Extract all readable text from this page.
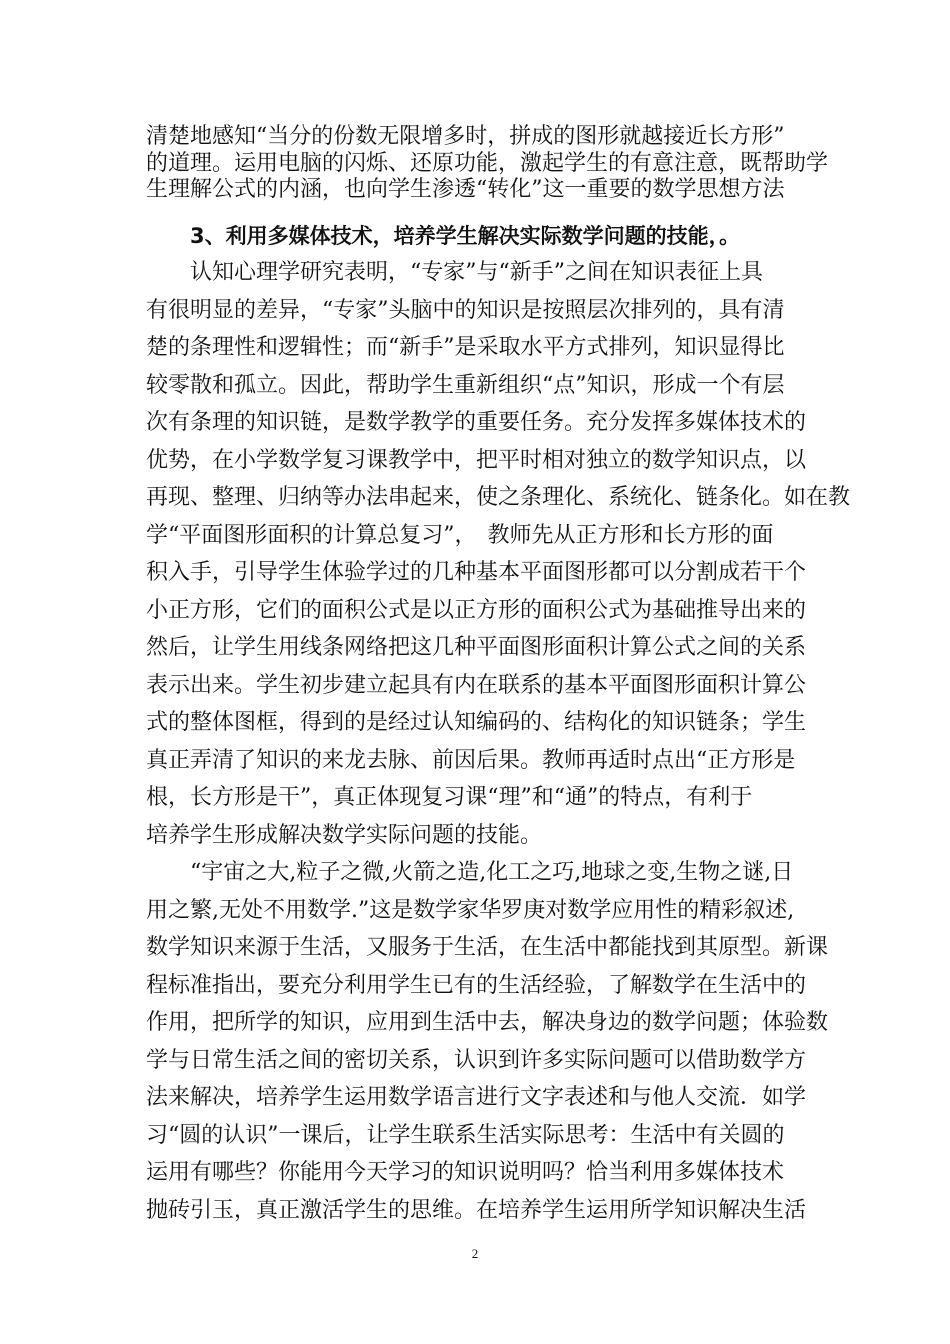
清楚地感知“当分的份数无限增多时，拼成的图形就越接近长方形”
的道理。运用电脑的闪烁、还原功能，激起学生的有意注意，既帮助学
生理解公式的内涵，也向学生渗透“转化”这一重要的数学思想方法
3、利用多媒体技术，培养学生解决实际数学问题的技能，。
认知心理学研究表明，“专家”与“新手”之间在知识表征上具
有很明显的差异，“专家”头脑中的知识是按照层次排列的，具有清
楚的条理性和逻辑性；而“新手”是采取水平方式排列，知识显得比
较零散和孤立。因此，帮助学生重新组织“点”知识，形成一个有层
次有条理的知识链，是数学教学的重要任务。充分发挥多媒体技术的
优势，在小学数学复习课教学中，把平时相对独立的数学知识点，以
再现、整理、归纳等办法串起来，使之条理化、系统化、链条化。如在教
学“平面图形面积的计算总复习”，　教师先从正方形和长方形的面
积入手，引导学生体验学过的几种基本平面图形都可以分割成若干个
小正方形，它们的面积公式是以正方形的面积公式为基础推导出来的
然后，让学生用线条网络把这几种平面图形面积计算公式之间的关系
表示出来。学生初步建立起具有内在联系的基本平面图形面积计算公
式的整体图框，得到的是经过认知编码的、结构化的知识链条；学生
真正弄清了知识的来龙去脉、前因后果。教师再适时点出“正方形是
根，长方形是干”，真正体现复习课“理”和“通”的特点，有利于
培养学生形成解决数学实际问题的技能。
“宇宙之大,粒子之微,火箭之造,化工之巧,地球之变,生物之谜,日
用之繁,无处不用数学.”这是数学家华罗庚对数学应用性的精彩叙述,
数学知识来源于生活，又服务于生活，在生活中都能找到其原型。新课
程标准指出，要充分利用学生已有的生活经验，了解数学在生活中的
作用，把所学的知识，应用到生活中去，解决身边的数学问题；体验数
学与日常生活之间的密切关系，认识到许多实际问题可以借助数学方
法来解决，培养学生运用数学语言进行文字表述和与他人交流．如学
习“圆的认识”一课后，让学生联系生活实际思考：生活中有关圆的
运用有哪些？你能用今天学习的知识说明吗？恰当利用多媒体技术
抛砖引玉，真正激活学生的思维。在培养学生运用所学知识解决生活
2
